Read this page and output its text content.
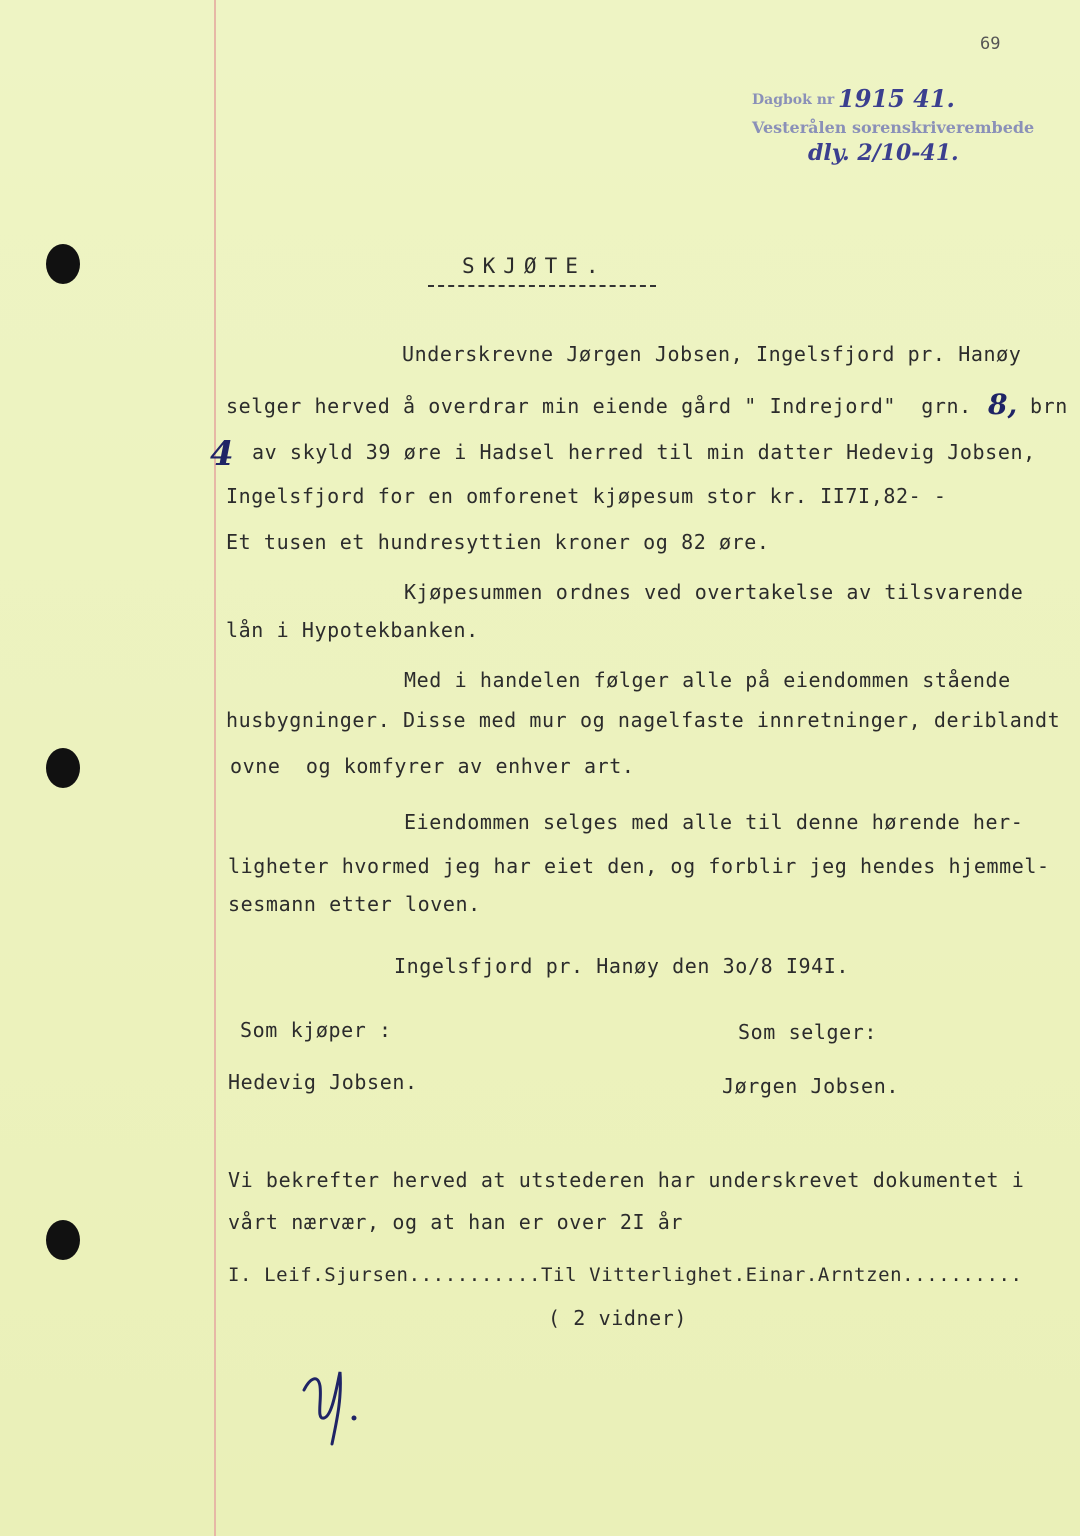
69
Dagbok nr 1915 41.
Vesterålen sorenskriverembede
dly. 2/10-41.
SKJØTE.
Underskrevne Jørgen Jobsen, Ingelsfjord pr. Hanøy
selger herved å overdrar min eiende gård " Indrejord"  grn. 8, brn
4 av skyld 39 øre i Hadsel herred til min datter Hedevig Jobsen,
Ingelsfjord for en omforenet kjøpesum stor kr. II7I,82- -
Et tusen et hundresyttien kroner og 82 øre.
Kjøpesummen ordnes ved overtakelse av tilsvarende
lån i Hypotekbanken.
Med i handelen følger alle på eiendommen stående
husbygninger. Disse med mur og nagelfaste innretninger, deriblandt
ovne  og komfyrer av enhver art.
Eiendommen selges med alle til denne hørende her-
ligheter hvormed jeg har eiet den, og forblir jeg hendes hjemmel-
sesmann etter loven.
Ingelsfjord pr. Hanøy den 3o/8 I94I.
Som kjøper :	Som selger:
Hedevig Jobsen.	Jørgen Jobsen.
Vi bekrefter herved at utstederen har underskrevet dokumentet i
vårt nærvær, og at han er over 2I år
I. Leif.Sjursen...........Til Vitterlighet.Einar.Arntzen..........
( 2 vidner)
